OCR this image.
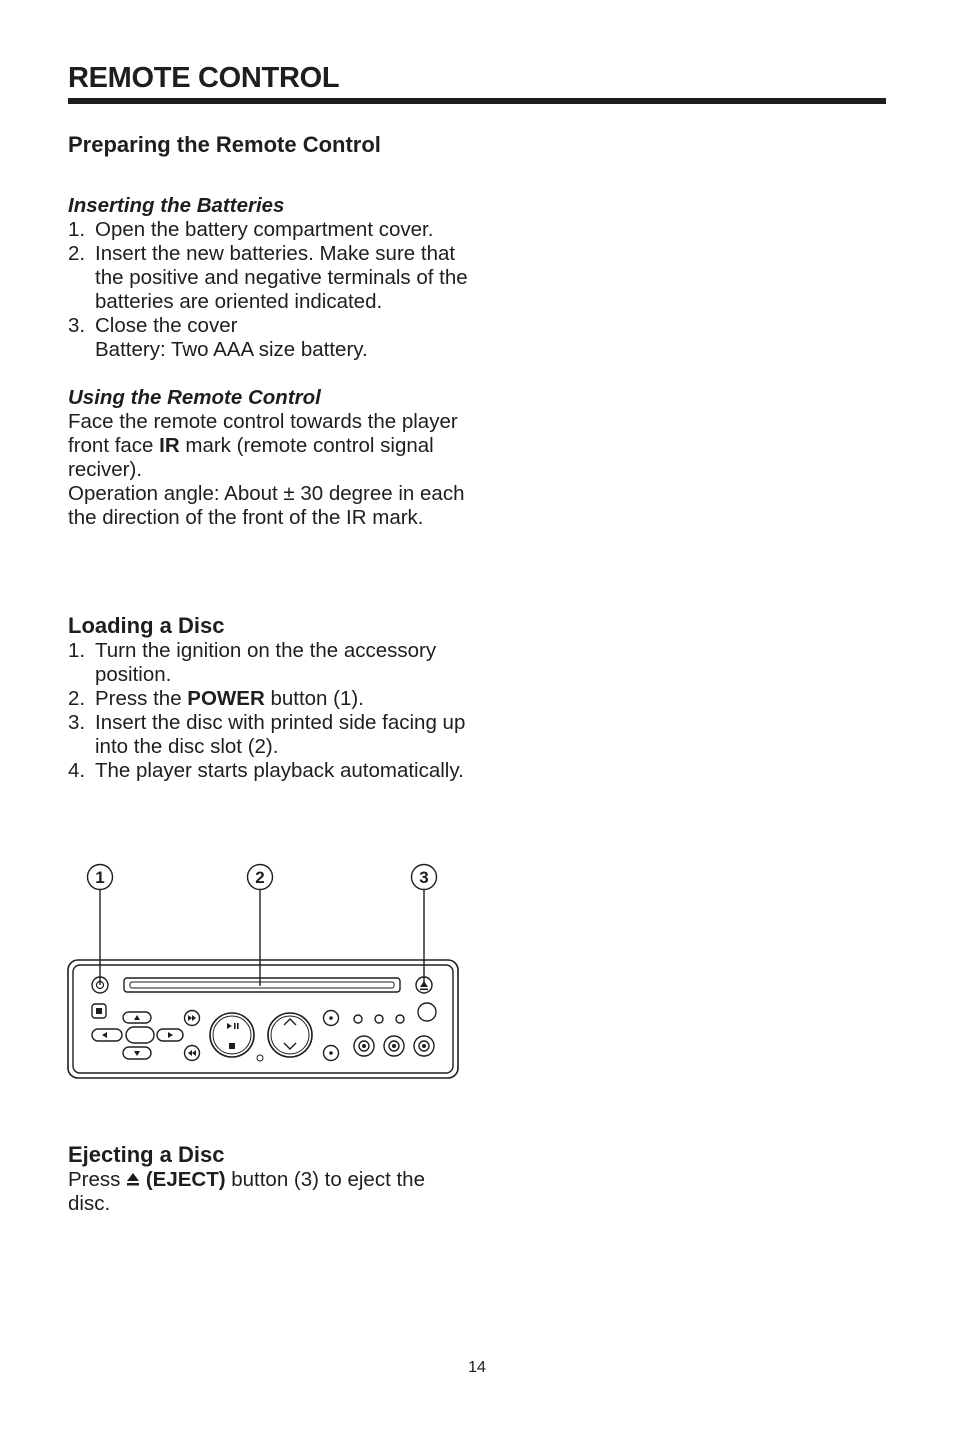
REMOTE CONTROL
Preparing the Remote Control
Inserting the Batteries
1. Open the battery compartment cover.
2. Insert the new batteries. Make sure that the positive and negative terminals of the batteries are oriented indicated.
3. Close the cover
Battery: Two AAA size battery.
Using the Remote Control
Face the remote control towards the player front face IR mark (remote control signal reciver).
Operation angle: About ± 30 degree in each the direction of the front of the IR mark.
Loading a Disc
1. Turn the ignition on the the accessory position.
2. Press the POWER button (1).
3. Insert the disc with printed side facing up into the disc slot (2).
4. The player starts playback automatically.
1	2	3
Ejecting a Disc
Press  (EJECT) button (3) to eject the disc.
14
